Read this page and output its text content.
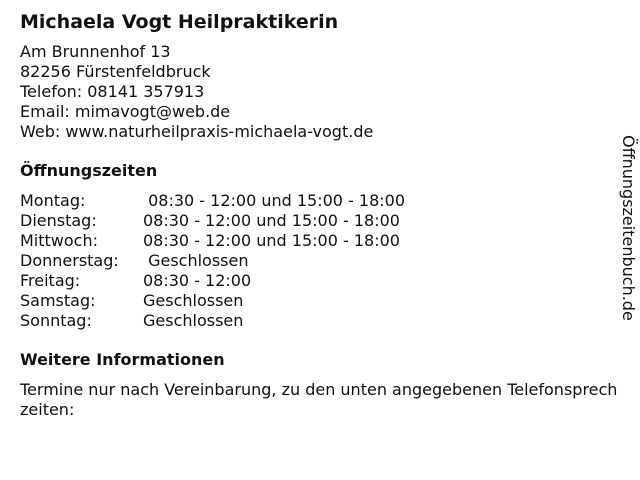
Michaela Vogt Heilpraktikerin
Am Brunnenhof 13
82256 Fürstenfeldbruck
Telefon: 08141 357913
Email: mimavogt@web.de
Web: www.naturheilpraxis-michaela-vogt.de
Öffnungszeiten
Montag:	08:30 - 12:00 und 15:00 - 18:00
Dienstag:	08:30 - 12:00 und 15:00 - 18:00
Mittwoch:	08:30 - 12:00 und 15:00 - 18:00
Donnerstag:	Geschlossen
Freitag:	08:30 - 12:00
Samstag:	Geschlossen
Sonntag:	Geschlossen
Weitere Informationen
Termine nur nach Vereinbarung, zu den unten angegebenen Telefonsprechzeiten:
Öffnungszeitenbuch.de
